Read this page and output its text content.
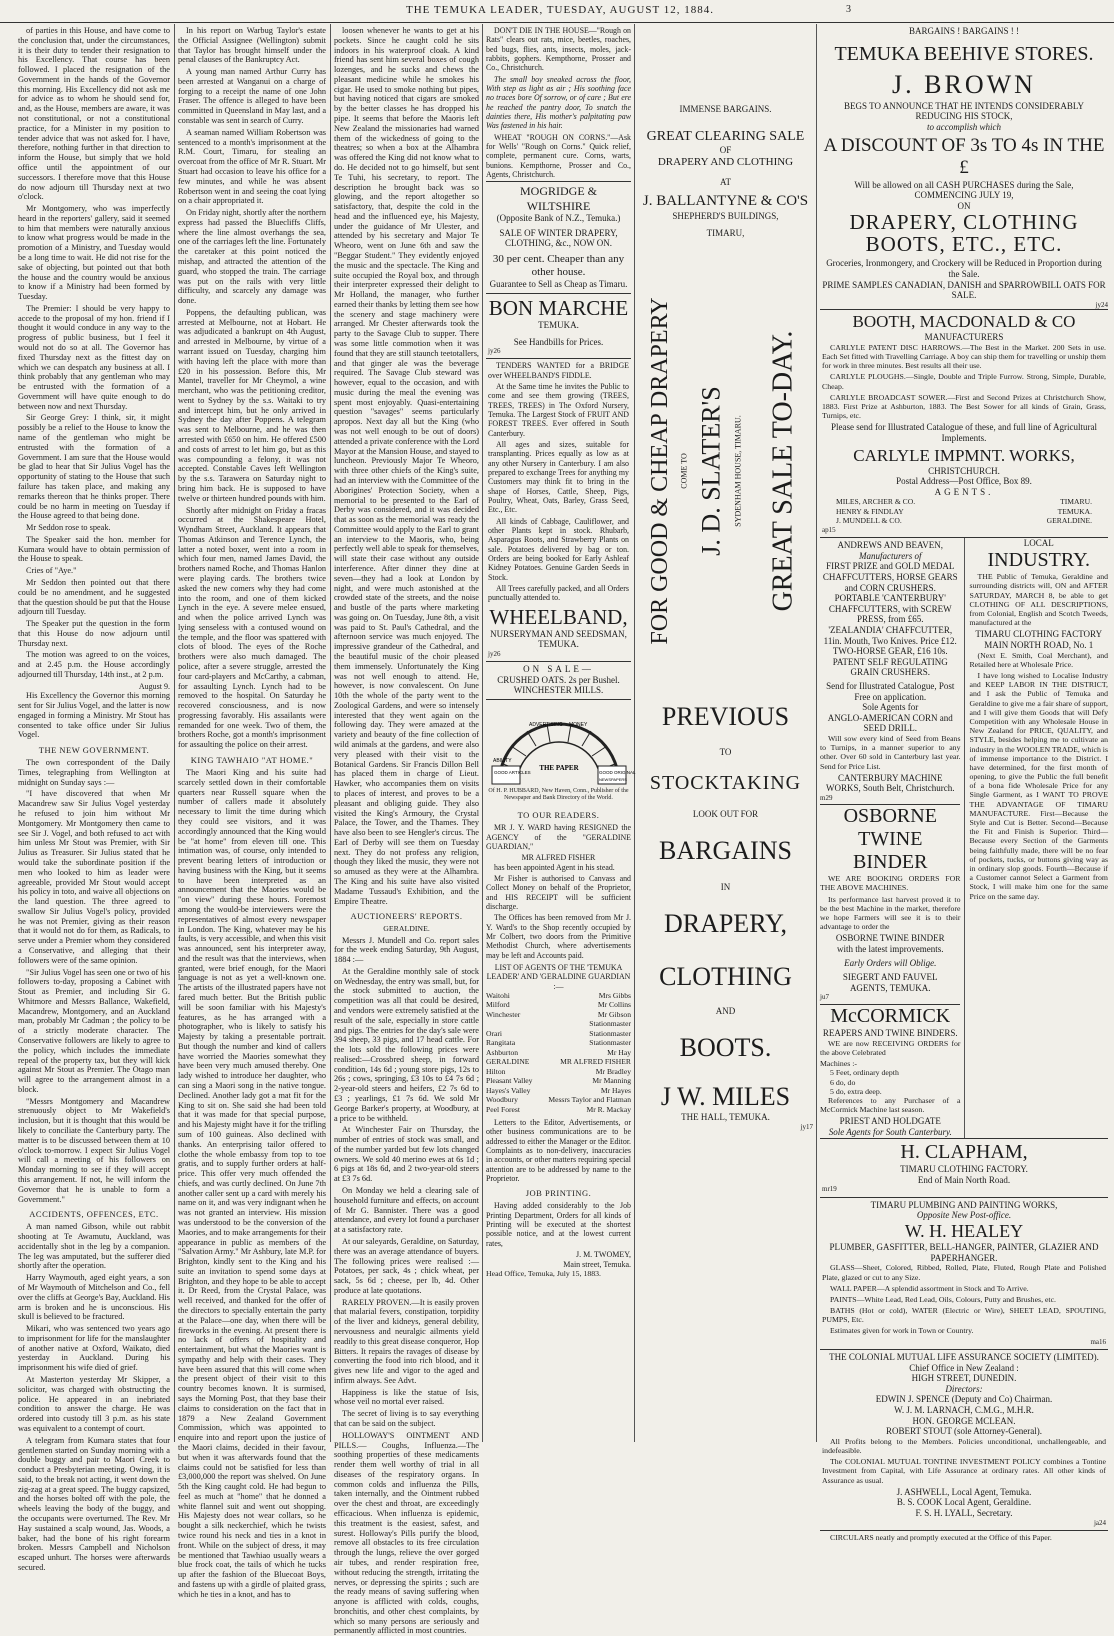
THE TEMUKA LEADER, TUESDAY, AUGUST 12, 1884.	3

of parties in this House, and have come to the conclusion that, under the circumstances, it is their duty to tender their resignation to his Excellency. That course has been followed. I placed the resignation of the Government in the hands of the Governor this morning. His Excellency did not ask me for advice as to whom he should send for, and, as the House, members are aware, it was not constitutional, or not a constitutional practice, for a Minister in my position to tender advice that was not asked for. I have, therefore, nothing further in that direction to inform the House, but simply that we hold office until the appointment of our successors. I therefore move that this House do now adjourn till Thursday next at two o'clock.

Mr Montgomery, who was imperfectly heard in the reporters' gallery, said it seemed to him that members were naturally anxious to know what progress would be made in the promotion of a Ministry, and Tuesday would be a long time to wait. He did not rise for the sake of objecting, but pointed out that both the house and the country would be anxious to know if a Ministry had been formed by Tuesday.

The Premier: I should be very happy to accede to the proposal of my hon. friend if I thought it would conduce in any way to the progress of public business, but I feel it would not do so at all. The Governor has fixed Thursday next as the fittest day on which we can despatch any business at all. I think probably that any gentleman who may be entrusted with the formation of a Government will have quite enough to do between now and next Thursday.

Sir George Grey: I think, sir, it might possibly be a relief to the House to know the name of the gentleman who might be entrusted with the formation of a Government. I am sure that the House would be glad to hear that Sir Julius Vogel has the opportunity of stating to the House that such failure has taken place, and making any remarks thereon that he thinks proper. There could be no harm in meeting on Tuesday if the House agreed to that being done.

Mr Seddon rose to speak.

The Speaker said the hon. member for Kumara would have to obtain permission of the House to speak.

Cries of "Aye."

Mr Seddon then pointed out that there could be no amendment, and he suggested that the question should be put that the House adjourn till Tuesday.

The Speaker put the question in the form that this House do now adjourn until Thursday next.

The motion was agreed to on the voices, and at 2.45 p.m. the House accordingly adjourned till Thursday, 14th inst., at 2 p.m.

August 9.

His Excellency the Governor this morning sent for Sir Julius Vogel, and the latter is now engaged in forming a Ministry. Mr Stout has consented to take office under Sir Julius Vogel.

THE NEW GOVERNMENT.

The own correspondent of the Daily Times, telegraphing from Wellington at midnight on Sunday says :—

"I have discovered that when Mr Macandrew saw Sir Julius Vogel yesterday he refused to join him without Mr Montgomery. Mr Montgomery then came to see Sir J. Vogel, and both refused to act with him unless Mr Stout was Premier, with Sir Julius as Treasurer. Sir Julius stated that he would take the subordinate position if the men who looked to him as leader were agreeable, provided Mr Stout would accept his policy in toto, and waive all objections on the land question. The three agreed to swallow Sir Julius Vogel's policy, provided he was not Premier, giving as their reason that it would not do for them, as Radicals, to serve under a Premier whom they considered a Conservative, and alleging that their followers were of the same opinion.

"Sir Julius Vogel has seen one or two of his followers to-day, proposing a Cabinet with Stout as Premier, and including Sir G. Whitmore and Messrs Ballance, Wakefield, Macandrew, Montgomery, and an Auckland man, probably Mr Cadman ; the policy to be of a strictly moderate character. The Conservative followers are likely to agree to the policy, which includes the immediate repeal of the property tax, but they will kick against Mr Stout as Premier. The Otago man will agree to the arrangement almost in a block.

"Messrs Montgomery and Macandrew strenuously object to Mr Wakefield's inclusion, but it is thought that this would be likely to conciliate the Canterbury party. The matter is to be discussed between them at 10 o'clock to-morrow. I expect Sir Julius Vogel will call a meeting of his followers on Monday morning to see if they will accept this arrangement. If not, he will inform the Governor that he is unable to form a Government."

ACCIDENTS, OFFENCES, ETC.

A man named Gibson, while out rabbit shooting at Te Awamutu, Auckland, was accidentally shot in the leg by a companion. The leg was amputated, but the sufferer died shortly after the operation.

Harry Waymouth, aged eight years, a son of Mr Waymouth of Mitchelson and Co., fell over the cliffs at George's Bay, Auckland. His arm is broken and he is unconscious. His skull is believed to be fractured.

Mikari, who was sentenced two years ago to imprisonment for life for the manslaughter of another native at Oxford, Waikato, died yesterday in Auckland. During his imprisonment his wife died of grief.

At Masterton yesterday Mr Skipper, a solicitor, was charged with obstructing the police. He appeared in an inebriated condition to answer the charge. He was ordered into custody till 3 p.m. as his state was equivalent to a contempt of court.

A telegram from Kumara states that four gentlemen started on Sunday morning with a double buggy and pair to Maori Creek to conduct a Presbyterian meeting. Owing, it is said, to the break not acting, it went down the zig-zag at a great speed. The buggy capsized, and the horses bolted off with the pole, the wheels leaving the body of the buggy, and the occupants were overturned. The Rev. Mr Hay sustained a scalp wound, Jas. Woods, a baker, had the bone of his right forearm broken. Messrs Campbell and Nicholson escaped unhurt. The horses were afterwards secured.

In his report on Warbug Taylor's estate the Official Assignee (Wellington) submit that Taylor has brought himself under the penal clauses of the Bankruptcy Act.

A young man named Arthur Curry has been arrested at Wanganui on a charge of forging to a receipt the name of one John Fraser. The offence is alleged to have been committed in Queensland in May last, and a constable was sent in search of Curry.

A seaman named William Robertson was sentenced to a month's imprisonment at the R.M. Court, Timaru, for stealing an overcoat from the office of Mr R. Stuart. Mr Stuart had occasion to leave his office for a few minutes, and while he was absent Robertson went in and seeing the coat lying on a chair appropriated it.

On Friday night, shortly after the northern express had passed the Bluecliffs Cliffs, where the line almost overhangs the sea, one of the carriages left the line. Fortunately the caretaker at this point noticed the mishap, and attracted the attention of the guard, who stopped the train. The carriage was put on the rails with very little difficulty, and scarcely any damage was done.

Poppens, the defaulting publican, was arrested at Melbourne, not at Hobart. He was adjudicated a bankrupt on 4th August, and arrested in Melbourne, by virtue of a warrant issued on Tuesday, charging him with having left the place with more than £20 in his possession. Before this, Mr Mantel, traveller for Mr Cheymol, a wine merchant, who was the petitioning creditor, went to Sydney by the s.s. Waitaki to try and intercept him, but he only arrived in Sydney the day after Poppens. A telegram was sent to Melbourne, and he was then arrested with £650 on him. He offered £500 and costs of arrest to let him go, but as this was compounding a felony, it was not accepted. Constable Caves left Wellington by the s.s. Tarawera on Saturday night to bring him back. He is supposed to have twelve or thirteen hundred pounds with him.

Shortly after midnight on Friday a fracas occurred at the Shakespeare Hotel, Wyndham Street, Auckland. It appears that Thomas Atkinson and Terence Lynch, the latter a noted boxer, went into a room in which four men, named James David, the brothers named Roche, and Thomas Hanlon were playing cards. The brothers twice asked the new comers why they had come into the room, and one of them kicked Lynch in the eye. A severe melee ensued, and when the police arrived Lynch was lying senseless with a contused wound on the temple, and the floor was spattered with clots of blood. The eyes of the Roche brothers were also much damaged. The police, after a severe struggle, arrested the four card-players and McCarthy, a cabman, for assaulting Lynch. Lynch had to be removed to the hospital. On Saturday he recovered consciousness, and is now progressing favorably. His assailants were remanded for one week. Two of them, the brothers Roche, got a month's imprisonment for assaulting the police on their arrest.

KING TAWHAIO "AT HOME."

The Maori King and his suite had scarcely settled down in their comfortable quarters near Russell square when the number of callers made it absolutely necessary to limit the time during which they could see visitors, and it was accordingly announced that the King would be "at home" from eleven till one. This intimation was, of course, only intended to prevent bearing letters of introduction or having business with the King, but it seems to have been interpreted as an announcement that the Maories would be "on view" during these hours. Foremost among the would-be interviewers were the representatives of almost every newspaper in London. The King, whatever may be his faults, is very accessible, and when this visit was announced, sent his interpreter away, and the result was that the interviews, when granted, were brief enough, for the Maori language is not as yet a well-known one. The artists of the illustrated papers have not fared much better. But the British public will be soon familiar with his Majesty's features, as he has arranged with a photographer, who is likely to satisfy his Majesty by taking a presentable portrait. But though the number and kind of callers have worried the Maories somewhat they have been very much amused thereby. One lady wished to introduce her daughter, who can sing a Maori song in the native tongue. Declined. Another lady got a mat fit for the King to sit on. She said she had been told that it was made for that special purpose, and his Majesty might have it for the trifling sum of 100 guineas. Also declined with thanks. An enterprising tailor offered to clothe the whole embassy from top to toe gratis, and to supply further orders at half-price. This offer very much offended the chiefs, and was curtly declined. On June 7th another caller sent up a card with merely his name on it, and was very indignant when he was not granted an interview. His mission was understood to be the conversion of the Maories, and to make arrangements for their appearance in public as members of the "Salvation Army." Mr Ashbury, late M.P. for Brighton, kindly sent to the King and his suite an invitation to spend some days at Brighton, and they hope to be able to accept it. Dr Reed, from the Crystal Palace, was well received, and thanked for the offer of the directors to specially entertain the party at the Palace—one day, when there will be fireworks in the evening. At present there is no lack of offers of hospitality and entertainment, but what the Maories want is sympathy and help with their cases. They have been assured that this will come when the present object of their visit to this country becomes known. It is surmised, says the Morning Post, that they base their claims to consideration on the fact that in 1879 a New Zealand Government Commission, which was appointed to enquire into and report upon the justice of the Maori claims, decided in their favour, but when it was afterwards found that the claims could not be satisfied for less than £3,000,000 the report was shelved. On June 5th the King caught cold. He had begun to feel as much at "home" that he donned a white flannel suit and went out shopping. His Majesty does not wear collars, so he bought a silk neckerchief, which he twists twice round his neck and ties in a knot in front. While on the subject of dress, it may be mentioned that Tawhiao usually wears a blue frock coat, the tails of which he tucks up after the fashion of the Bluecoat Boys, and fastens up with a girdle of plaited grass, which he ties in a knot, and has to

loosen whenever he wants to get at his pockets. Since he caught cold he sits indoors in his waterproof cloak. A kind friend has sent him several boxes of cough lozenges, and he sucks and chews the pleasant medicine while he smokes his cigar. He used to smoke nothing but pipes, but having noticed that cigars are smoked by the better classes he has dropped his pipe. It seems that before the Maoris left New Zealand the missionaries had warned them of the wickedness of going to the theatres; so when a box at the Alhambra was offered the King did not know what to do. He decided not to go himself, but sent Te Tuhi, his secretary, to report. The description he brought back was so glowing, and the report altogether so satisfactory, that, despite the cold in the head and the influenced eye, his Majesty, under the guidance of Mr Ulester, and attended by his secretary and Major Te Wheoro, went on June 6th and saw the "Beggar Student." They evidently enjoyed the music and the spectacle. The King and suite occupied the Royal box, and through their interpreter expressed their delight to Mr Holland, the manager, who further earned their thanks by letting them see how the scenery and stage machinery were arranged. Mr Chester afterwards took the party to the Savage Club to supper. There was some little commotion when it was found that they are still staunch teetotallers, and that ginger ale was the beverage required. The Savage Club steward was however, equal to the occasion, and with music during the meal the evening was spent most enjoyably. Quasi-entertaining question "savages" seems particularly apropos. Next day all but the King (who was not well enough to be out of doors) attended a private conference with the Lord Mayor at the Mansion House, and stayed to luncheon. Previously Major Te Wheoro, with three other chiefs of the King's suite, had an interview with the Committee of the Aborigines' Protection Society, when a memorial to be presented to the Earl of Derby was considered, and it was decided that as soon as the memorial was ready the Committee would apply to the Earl to grant an interview to the Maoris, who, being perfectly well able to speak for themselves, will state their case without any outside interference. After dinner they dine at seven—they had a look at London by night, and were much astonished at the crowded state of the streets, and the noise and bustle of the parts where marketing was going on. On Tuesday, June 8th, a visit was paid to St. Paul's Cathedral, and the afternoon service was much enjoyed. The impressive grandeur of the Cathedral, and the beautiful music of the choir pleased them immensely. Unfortunately the King was not well enough to attend. He, however, is now convalescent. On June 10th the whole of the party went to the Zoological Gardens, and were so intensely interested that they went again on the following day. They were amazed at the variety and beauty of the fine collection of wild animals at the gardens, and were also very pleased with their visit to the Botanical Gardens. Sir Francis Dillon Bell has placed them in charge of Lieut. Hawker, who accompanies them on visits to places of interest, and proves to be a pleasant and obliging guide. They also visited the King's Armoury, the Crystal Palace, the Tower, and the Thames. They have also been to see Hengler's circus. The Earl of Derby will see them on Tuesday next. They do not profess any religion, though they liked the music, they were not so amused as they were at the Alhambra. The King and his suite have also visited Madame Tussaud's Exhibition, and the Empire Theatre.

AUCTIONEERS' REPORTS.
GERALDINE.

Messrs J. Mundell and Co. report sales for the week ending Saturday, 9th August, 1884 :—

At the Geraldine monthly sale of stock on Wednesday, the entry was small, but, for the stock submitted to auction, the competition was all that could be desired, and vendors were extremely satisfied at the result of the sale, especially in store cattle and pigs. The entries for the day's sale were 394 sheep, 33 pigs, and 17 head cattle. For the lots sold the following prices were realised:—Crossbred sheep, in forward condition, 14s 6d ; young store pigs, 12s to 26s ; cows, springing, £3 10s to £4 7s 6d ; 2-year-old steers and heifers, £2 7s 6d to £3 ; yearlings, £1 7s 6d. We sold Mr George Barker's property, at Woodbury, at a price to be withheld.

At Winchester Fair on Thursday, the number of entries of stock was small, and of the number yarded but few lots changed owners. We sold 40 merino ewes at 6s 1d ; 6 pigs at 18s 6d, and 2 two-year-old steers at £3 7s 6d.

On Monday we held a clearing sale of household furniture and effects, on account of Mr G. Bannister. There was a good attendance, and every lot found a purchaser at a satisfactory rate.

At our saleyards, Geraldine, on Saturday, there was an average attendance of buyers. The following prices were realised :— Potatoes, per sack, 4s ; chick wheat, per sack, 5s 6d ; cheese, per lb, 4d. Other produce at late quotations.

RARELY PROVEN.—It is easily proven that malarial fevers, constipation, torpidity of the liver and kidneys, general debility, nervousness and neuralgic ailments yield readily to this great disease conqueror, Hop Bitters. It repairs the ravages of disease by converting the food into rich blood, and it gives new life and vigor to the aged and infirm always. See Advt.

Happiness is like the statue of Isis, whose veil no mortal ever raised.

The secret of living is to say everything that can be said on the subject.

HOLLOWAY'S OINTMENT AND PILLS.— Coughs, Influenza.—The soothing properties of these medicaments render them well worthy of trial in all diseases of the respiratory organs. In common colds and influenza the Pills, taken internally, and the Ointment rubbed over the chest and throat, are exceedingly efficacious. When influenza is epidemic, this treatment is the easiest, safest, and surest. Holloway's Pills purify the blood, remove all obstacles to its free circulation through the lungs, relieve the over gorged air tubes, and render respiration free, without reducing the strength, irritating the nerves, or depressing the spirits ; such are the ready means of saving suffering when anyone is afflicted with colds, coughs, bronchitis, and other chest complaints, by which so many persons are seriously and permanently afflicted in most countries.

DON'T DIE IN THE HOUSE—"Rough on Rats" clears out rats, mice, beetles, roaches, bed bugs, flies, ants, insects, moles, jack-rabbits, gophers. Kempthorne, Prosser and Co., Christchurch.

The small boy sneaked across the floor, With step as light as air ; His soothing face no traces bore Of sorrow, or of care ; But ere he reached the pantry door, To snatch the dainties there, His mother's palpitating paw Was fastened in his hair.

WHEAT "ROUGH ON CORNS."—Ask for Wells' "Rough on Corns." Quick relief, complete, permanent cure. Corns, warts, bunions. Kempthorne, Prosser and Co., Agents, Christchurch.

MOGRIDGE & WILTSHIRE
(Opposite Bank of N.Z., Temuka.)
SALE OF WINTER DRAPERY, CLOTHING, &c., NOW ON.
30 per cent. Cheaper than any other house.
Guarantee to Sell as Cheap as Timaru.
BON MARCHE
TEMUKA.
See Handbills for Prices.
jy26

TENDERS WANTED for a BRIDGE over WHEELBAND'S FIDDLE.

At the Same time he invites the Public to come and see them growing (TREES, TREES, TREES) in The Oxford Nursery, Temuka. The Largest Stock of FRUIT AND FOREST TREES. Ever offered in South Canterbury.

All ages and sizes, suitable for transplanting. Prices equally as low as at any other Nursery in Canterbury. I am also prepared to exchange Trees for anything my Customers may think fit to bring in the shape of Horses, Cattle, Sheep, Pigs, Poultry, Wheat, Oats, Barley, Grass Seed, Etc., Etc.

All kinds of Cabbage, Cauliflower, and other Plants kept in stock. Rhubarb, Asparagus Roots, and Strawberry Plants on sale. Potatoes delivered by bag or ton. Orders are being booked for Early Ashleaf Kidney Potatoes. Genuine Garden Seeds in Stock.

All Trees carefully packed, and all Orders punctually attended to.

WHEELBAND,
NURSERYMAN AND SEEDSMAN, TEMUKA.
jy26
ON SALE—
CRUSHED OATS. 2s per Bushel.
WINCHESTER MILLS.
THE PAPER
ADVERTISING MONEY
ABILITY
GOOD ARTICLES	GOOD ORIGINAL
NEWSPAPERS
Of H. P. HUBBARD, New Haven, Conn., Publisher of the Newspaper and Bank Directory of the World.
TO OUR READERS.

MR J. Y. WARD having RESIGNED the AGENCY of the "GERALDINE GUARDIAN,"

MR ALFRED FISHER

has been appointed Agent in his stead.

Mr Fisher is authorised to Canvass and Collect Money on behalf of the Proprietor, and HIS RECEIPT will be sufficient discharge.

The Offices has been removed from Mr J. Y. Ward's to the Shop recently occupied by Mr Colbert, two doors from the Primitive Methodist Church, where advertisements may be left and Accounts paid.

LIST OF AGENTS OF THE 'TEMUKA LEADER' AND 'GERALDINE GUARDIAN :—
Waitohi	Mrs Gibbs
Milford	Mr Collins
Winchester	Mr Gibson
Stationmaster
Orari	Stationmaster
Rangitata	Stationmaster
Ashburton	Mr Hay
GERALDINE	MR ALFRED FISHER
Hilton	Mr Bradley
Pleasant Valley	Mr Manning
Hayes's Valley	Mr Hayes
Woodbury	Messrs Taylor and Flatman
Peel Forest	Mr R. Mackay

Letters to the Editor, Advertisements, or other business communications are to be addressed to either the Manager or the Editor. Complaints as to non-delivery, inaccuracies in accounts, or other matters requiring special attention are to be addressed by name to the Proprietor.

JOB PRINTING.

Having added considerably to the Job Printing Department, Orders for all kinds of Printing will be executed at the shortest possible notice, and at the lowest current rates,

J. M. TWOMEY,
Main street, Temuka.
Head Office, Temuka, July 15, 1883.
IMMENSE BARGAINS.
GREAT CLEARING SALE
OF
DRAPERY AND CLOTHING
AT
J. BALLANTYNE & CO'S
SHEPHERD'S BUILDINGS,
TIMARU,
FOR GOOD & CHEAP DRAPERY COME TO J. D. SLATER'S SYDENHAM HOUSE, TIMARU. GREAT SALE TO-DAY.
PREVIOUS
TO
STOCKTAKING
LOOK OUT FOR
BARGAINS
IN
DRAPERY,
CLOTHING
AND
BOOTS.
J W. MILES
THE HALL, TEMUKA.
jy17
BARGAINS ! BARGAINS ! !
TEMUKA BEEHIVE STORES.
J. BROWN
BEGS TO ANNOUNCE THAT HE INTENDS CONSIDERABLY REDUCING HIS STOCK,
to accomplish which
A DISCOUNT OF 3s TO 4s IN THE £
Will be allowed on all CASH PURCHASES during the Sale,
COMMENCING JULY 19,
ON
DRAPERY, CLOTHING BOOTS, ETC., ETC.
Groceries, Ironmongery, and Crockery will be Reduced in Proportion during the Sale.
PRIME SAMPLES CANADIAN, DANISH and SPARROWBILL OATS FOR SALE.
jy24
BOOTH, MACDONALD & CO
MANUFACTURERS

CARLYLE PATENT DISC HARROWS.—The Best in the Market. 200 Sets in use. Each Set fitted with Travelling Carriage. A boy can ship them for travelling or unship them for work in three minutes. Best results all their use.

CARLYLE PLOUGHS.—Single, Double and Triple Furrow. Strong, Simple, Durable, Cheap.

CARLYLE BROADCAST SOWER.—First and Second Prizes at Christchurch Show, 1883. First Prize at Ashburton, 1883. The Best Sower for all kinds of Grain, Grass, Turnips, etc.

Please send for Illustrated Catalogue of these, and full line of Agricultural Implements.
CARLYLE IMPMNT. WORKS,
CHRISTCHURCH.
Postal Address—Post Office, Box 89.
AGENTS.
MILES, ARCHER & CO.	TIMARU.
HENRY & FINDLAY	TEMUKA.
J. MUNDELL & CO.	GERALDINE.
ap15
ANDREWS AND BEAVEN,
Manufacturers of
FIRST PRIZE and GOLD MEDAL CHAFFCUTTERS, HORSE GEARS and CORN CRUSHERS.
PORTABLE 'CANTERBURY' CHAFFCUTTERS, with SCREW PRESS, from £65.
'ZEALANDIA' CHAFFCUTTER, 11in. Mouth, Two Knives. Price £12.
TWO-HORSE GEAR, £16 10s.
PATENT SELF REGULATING GRAIN CRUSHERS.
Send for Illustrated Catalogue, Post Free on application.
Sole Agents for
ANGLO-AMERICAN CORN and SEED DRILL.

Will sow every kind of Seed from Beans to Turnips, in a manner superior to any other. Over 60 sold in Canterbury last year. Send for Price List.

CANTERBURY MACHINE WORKS, South Belt, Christchurch.
m29
OSBORNE TWINE BINDER

WE ARE BOOKING ORDERS FOR THE ABOVE MACHINES.

Its performance last harvest proved it to be the best Machine in the market, therefore we hope Farmers will see it is to their advantage to order the

OSBORNE TWINE BINDER
with the latest improvements.
Early Orders will Oblige.
SIEGERT AND FAUVEL
AGENTS, TEMUKA.
ju7
McCORMICK
REAPERS AND TWINE BINDERS.

WE are now RECEIVING ORDERS for the above Celebrated

Machines :-
5 Feet, ordinary depth
6 do, do
5 do, extra deep.

References to any Purchaser of a McCormick Machine last season.

PRIEST AND HOLDGATE
Sole Agents for South Canterbury.
LOCAL
INDUSTRY.

THE Public of Temuka, Geraldine and surrounding districts will, ON and AFTER SATURDAY, MARCH 8, be able to get CLOTHING OF ALL DESCRIPTIONS, from Colonial, English and Scotch Tweeds, manufactured at the

TIMARU CLOTHING FACTORY
MAIN NORTH ROAD, No. 1

(Next E. Smith, Coal Merchant), and Retailed here at Wholesale Price.

I have long wished to Localise Industry and KEEP LABOR IN THE DISTRICT, and I ask the Public of Temuka and Geraldine to give me a fair share of support, and I will give them Goods that will Defy Competition with any Wholesale House in New Zealand for PRICE, QUALITY, and STYLE, besides helping me to cultivate an industry in the WOOLEN TRADE, which is of immense importance to the District. I have determined, for the first month of opening, to give the Public the full benefit of a bona fide Wholesale Price for any Single Garment, as I WANT TO PROVE THE ADVANTAGE OF TIMARU MANUFACTURE. First—Because the Style and Cut is Better. Second—Because the Fit and Finish is Superior. Third—Because every Section of the Garments being faithfully made, there will be no fear of pockets, tucks, or buttons giving way as in ordinary slop goods. Fourth—Because if a Customer cannot Select a Garment from Stock, I will make him one for the same Price on the same day.

H. CLAPHAM,
TIMARU CLOTHING FACTORY.
End of Main North Road.
mr19
TIMARU PLUMBING AND PAINTING WORKS,
Opposite New Post-office.
W. H. HEALEY
PLUMBER, GASFITTER, BELL-HANGER, PAINTER, GLAZIER AND PAPERHANGER.

GLASS—Sheet, Colored, Ribbed, Rolled, Plate, Fluted, Rough Plate and Polished Plate, glazed or cut to any Size.

WALL PAPER—A splendid assortment in Stock and To Arrive.

PAINTS—White Lead, Red Lead, Oils, Colours, Putty and Brushes, etc.

BATHS (Hot or cold), WATER (Electric or Wire), SHEET LEAD, SPOUTING, PUMPS, Etc.

Estimates given for work in Town or Country.

ma16
THE COLONIAL MUTUAL LIFE ASSURANCE SOCIETY (LIMITED).
Chief Office in New Zealand :
HIGH STREET, DUNEDIN.
Directors:
EDWIN J. SPENCE (Deputy and Co) Chairman.
W. J. M. LARNACH, C.M.G., M.H.R.
HON. GEORGE MCLEAN.
ROBERT STOUT (sole Attorney-General).

All Profits belong to the Members. Policies unconditional, unchallengeable, and indefeasible.

The COLONIAL MUTUAL TONTINE INVESTMENT POLICY combines a Tontine Investment from Capital, with Life Assurance at ordinary rates. All other kinds of Assurance as usual.

J. ASHWELL, Local Agent, Temuka.
B. S. COOK Local Agent, Geraldine.
F. S. H. LYALL, Secretary.
ja24

CIRCULARS neatly and promptly executed at the Office of this Paper.
